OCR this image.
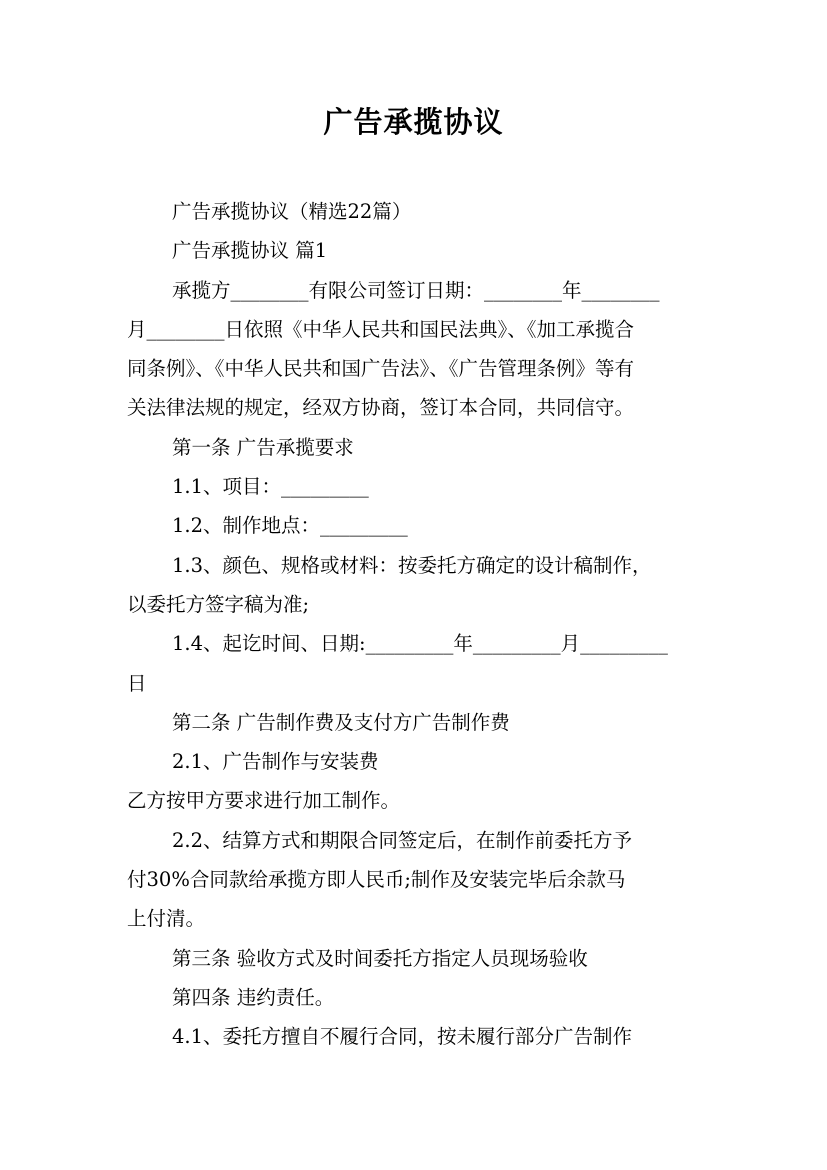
广告承揽协议
广告承揽协议（精选22篇）
广告承揽协议 篇1
承揽方________有限公司签订日期：________年________
月________日依照《中华人民共和国民法典》、《加工承揽合
同条例》、《中华人民共和国广告法》、《广告管理条例》等有
关法律法规的规定，经双方协商，签订本合同，共同信守。
第一条 广告承揽要求
1.1、项目：_________
1.2、制作地点：_________
1.3、颜色、规格或材料：按委托方确定的设计稿制作，
以委托方签字稿为准;
1.4、起讫时间、日期:_________年_________月_________
日
第二条 广告制作费及支付方广告制作费
2.1、广告制作与安装费
乙方按甲方要求进行加工制作。
2.2、结算方式和期限合同签定后，在制作前委托方予
付30%合同款给承揽方即人民币;制作及安装完毕后余款马
上付清。
第三条 验收方式及时间委托方指定人员现场验收
第四条 违约责任。
4.1、委托方擅自不履行合同，按未履行部分广告制作
